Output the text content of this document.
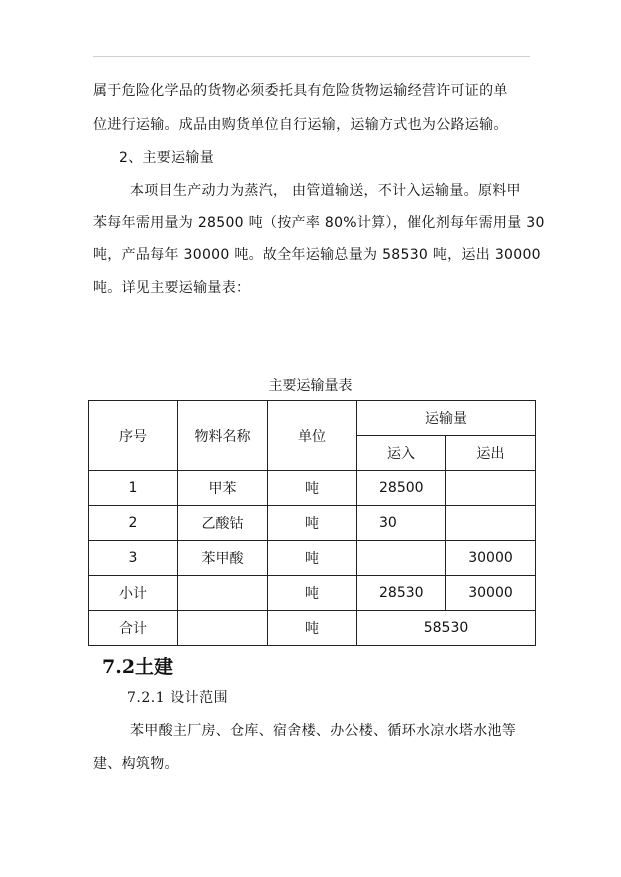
属于危险化学品的货物必须委托具有危险货物运输经营许可证的单
位进行运输。成品由购货单位自行运输，运输方式也为公路运输。
2、主要运输量
本项目生产动力为蒸汽， 由管道输送，不计入运输量。原料甲
苯每年需用量为 28500 吨（按产率 80%计算），催化剂每年需用量 30
吨，产品每年 30000 吨。故全年运输总量为 58530 吨，运出 30000
吨。详见主要运输量表：
主要运输量表
序号	物料名称	单位	运输量	
			运入	运出
1	甲苯	吨	28500	
2	乙酸钴	吨	30	
3	苯甲酸	吨		30000
小计		吨	28530	30000
合计		吨	58530	
7.2土建
7.2.1 设计范围
苯甲酸主厂房、仓库、宿舍楼、办公楼、循环水凉水塔水池等
建、构筑物。
